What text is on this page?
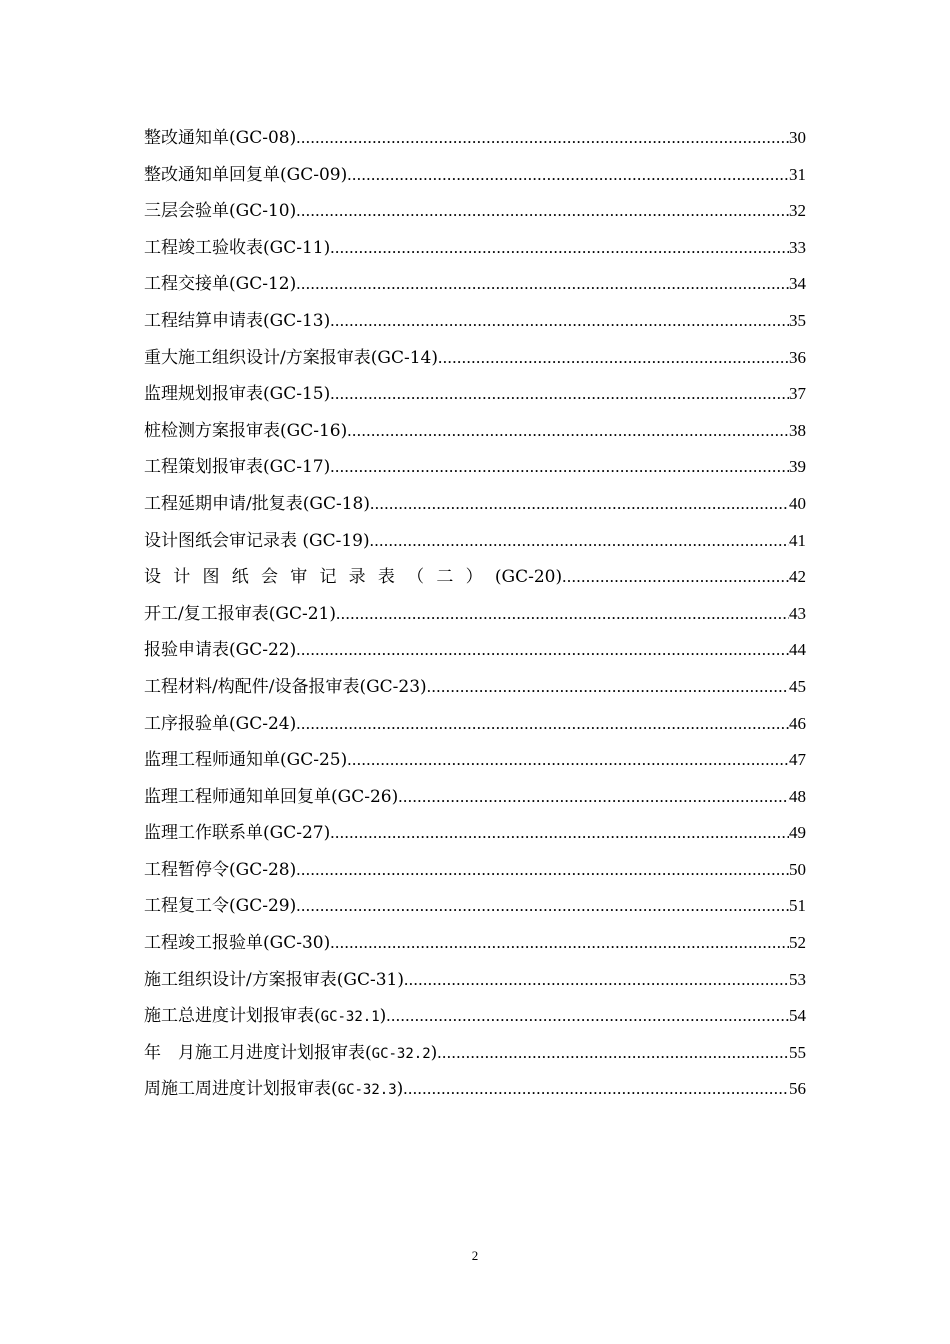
整改通知单(GC-08) .....	30
整改通知单回复单(GC-09) .....	31
三层会验单(GC-10) .....	32
工程竣工验收表(GC-11) .....	33
工程交接单(GC-12) .....	34
工程结算申请表(GC-13) .....	35
重大施工组织设计/方案报审表(GC-14) .....	36
监理规划报审表(GC-15) .....	37
桩检测方案报审表(GC-16) .....	38
工程策划报审表(GC-17) .....	39
工程延期申请/批复表(GC-18) .....	40
设计图纸会审记录表 (GC-19) .....	41
设计图纸会审记录表（二）(GC-20) .....	42
开工/复工报审表(GC-21) .....	43
报验申请表(GC-22) .....	44
工程材料/构配件/设备报审表(GC-23) .....	45
工序报验单(GC-24) .....	46
监理工程师通知单(GC-25) .....	47
监理工程师通知单回复单(GC-26) .....	48
监理工作联系单(GC-27) .....	49
工程暂停令(GC-28) .....	50
工程复工令(GC-29) .....	51
工程竣工报验单(GC-30) .....	52
施工组织设计/方案报审表(GC-31) .....	53
施工总进度计划报审表(GC-32.1) .....	54
年　月施工月进度计划报审表(GC-32.2) .....	55
周施工周进度计划报审表(GC-32.3) .....	56
2
